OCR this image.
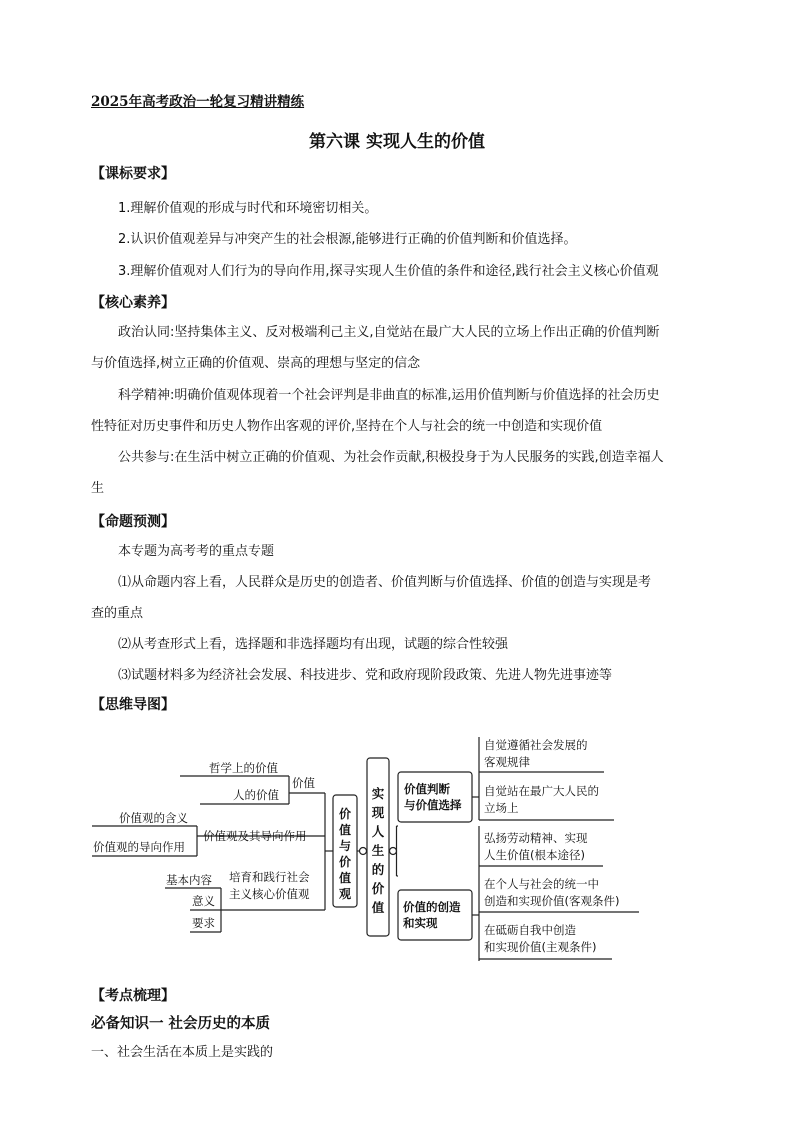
2025年高考政治一轮复习精讲精练
第六课 实现人生的价值
【课标要求】
1.理解价值观的形成与时代和环境密切相关。
2.认识价值观差异与冲突产生的社会根源,能够进行正确的价值判断和价值选择。
3.理解价值观对人们行为的导向作用,探寻实现人生价值的条件和途径,践行社会主义核心价值观
【核心素养】
政治认同:坚持集体主义、反对极端利己主义,自觉站在最广大人民的立场上作出正确的价值判断
与价值选择,树立正确的价值观、崇高的理想与坚定的信念
科学精神:明确价值观体现着一个社会评判是非曲直的标准,运用价值判断与价值选择的社会历史
性特征对历史事件和历史人物作出客观的评价,坚持在个人与社会的统一中创造和实现价值
公共参与:在生活中树立正确的价值观、为社会作贡献,积极投身于为人民服务的实践,创造幸福人
生
【命题预测】
本专题为高考考的重点专题
⑴从命题内容上看，人民群众是历史的创造者、价值判断与价值选择、价值的创造与实现是考
查的重点
⑵从考查形式上看，选择题和非选择题均有出现，试题的综合性较强
⑶试题材料多为经济社会发展、科技进步、党和政府现阶段政策、先进人物先进事迹等
【思维导图】
实
现
人
生
的
价
值
价
值
与
价
值
观
价值
哲学上的价值
人的价值
价值观及其导向作用
价值观的含义
价值观的导向作用
培育和践行社会
主义核心价值观
基本内容
意义
要求
价值判断
与价值选择
价值的创造
和实现
自觉遵循社会发展的
客观规律
自觉站在最广大人民的
立场上
弘扬劳动精神、实现
人生价值(根本途径)
在个人与社会的统一中
创造和实现价值(客观条件)
在砥砺自我中创造
和实现价值(主观条件)
【考点梳理】
必备知识一 社会历史的本质
一、社会生活在本质上是实践的
